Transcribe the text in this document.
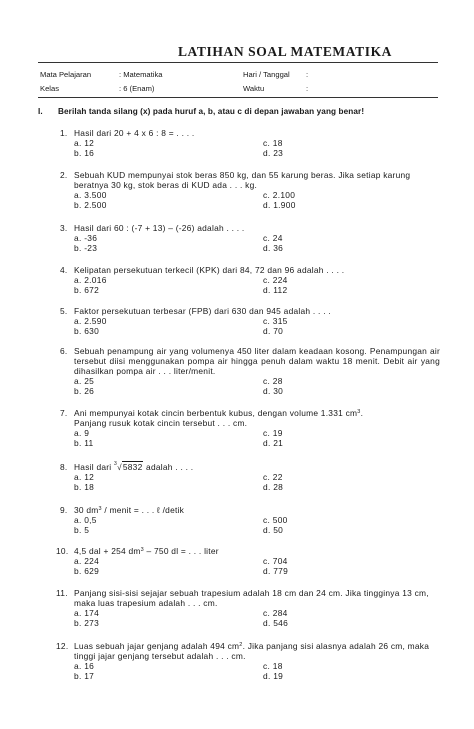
LATIHAN SOAL MATEMATIKA
Mata Pelajaran	: Matematika	Hari / Tanggal :
Kelas	: 6 (Enam)	Waktu	:
I. Berilah tanda silang (x) pada huruf a, b, atau c di depan jawaban yang benar!
1. Hasil dari 20 + 4 x 6 : 8 = . . . .
a. 12
b. 16
c. 18
d. 23
2. Sebuah KUD mempunyai stok beras 850 kg, dan 55 karung beras. Jika setiap karung beratnya 30 kg, stok beras di KUD ada . . . kg.
a. 3.500
b. 2.500
c. 2.100
d. 1.900
3. Hasil dari 60 : (-7 + 13) – (-26) adalah . . . .
a. -36
b. -23
c. 24
d. 36
4. Kelipatan persekutuan terkecil (KPK) dari 84, 72 dan 96 adalah . . . .
a. 2.016
b. 672
c. 224
d. 112
5. Faktor persekutuan terbesar (FPB) dari 630 dan 945 adalah . . . .
a. 2.590
b. 630
c. 315
d. 70
6. Sebuah penampung air yang volumenya 450 liter dalam keadaan kosong. Penampungan air tersebut diisi menggunakan pompa air hingga penuh dalam waktu 18 menit. Debit air yang dihasilkan pompa air . . . liter/menit.
a. 25
b. 26
c. 28
d. 30
7. Ani mempunyai kotak cincin berbentuk kubus, dengan volume 1.331 $cm^3$.
Panjang rusuk kotak cincin tersebut . . . cm.
a. 9
b. 11
c. 19
d. 21
8. Hasil dari 3 √5832 adalah . . . .
a. 12
b. 18
c. 22
d. 28
9. 30 $dm^3$ / menit = . . . ℓ /detik
a. 0,5
b. 5
c. 500
d. 50
10. 4,5 dal + 254 $dm^3 - 750$ dl = . . . liter
a. 224
b. 629
c. 704
d. 779
11. Panjang sisi-sisi sejajar sebuah trapesium adalah 18 cm dan 24 cm. Jika tingginya 13 cm, maka luas trapesium adalah . . . cm.
a. 174
b. 273
c. 284
d. 546
12. Luas sebuah jajar genjang adalah 494 $cm^2$. Jika panjang sisi alasnya adalah 26 cm, maka tinggi jajar genjang tersebut adalah . . . cm.
a. 16
b. 17
c. 18
d. 19
